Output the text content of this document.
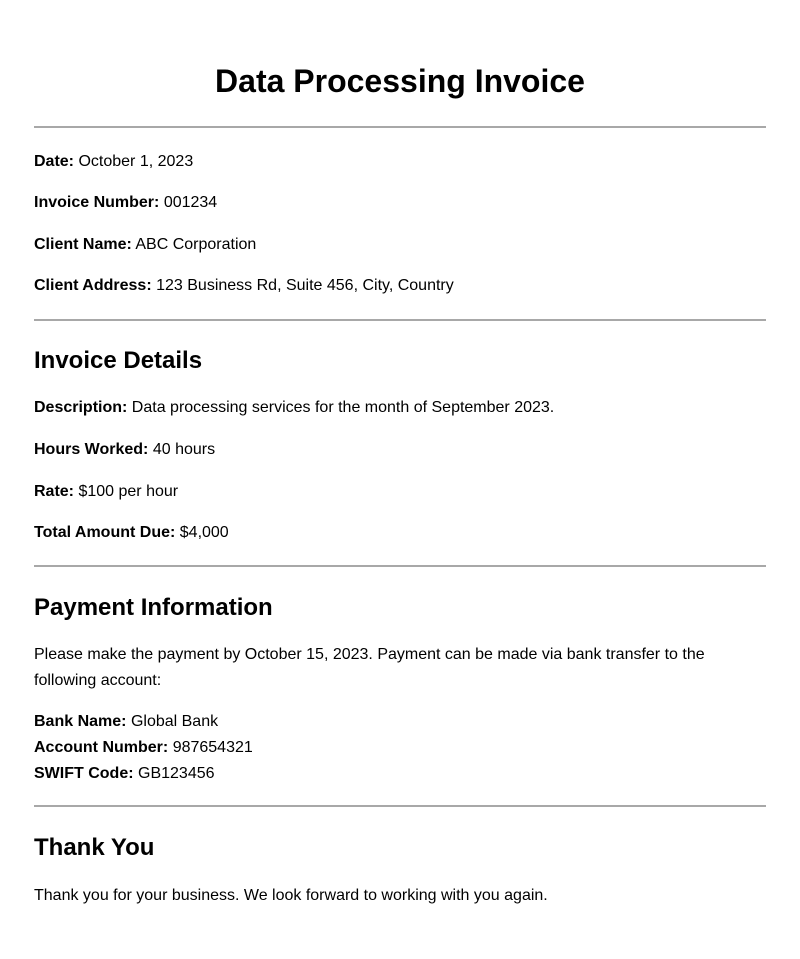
Data Processing Invoice
Date: October 1, 2023
Invoice Number: 001234
Client Name: ABC Corporation
Client Address: 123 Business Rd, Suite 456, City, Country
Invoice Details
Description: Data processing services for the month of September 2023.
Hours Worked: 40 hours
Rate: $100 per hour
Total Amount Due: $4,000
Payment Information
Please make the payment by October 15, 2023. Payment can be made via bank transfer to the following account:
Bank Name: Global Bank
Account Number: 987654321
SWIFT Code: GB123456
Thank You
Thank you for your business. We look forward to working with you again.
